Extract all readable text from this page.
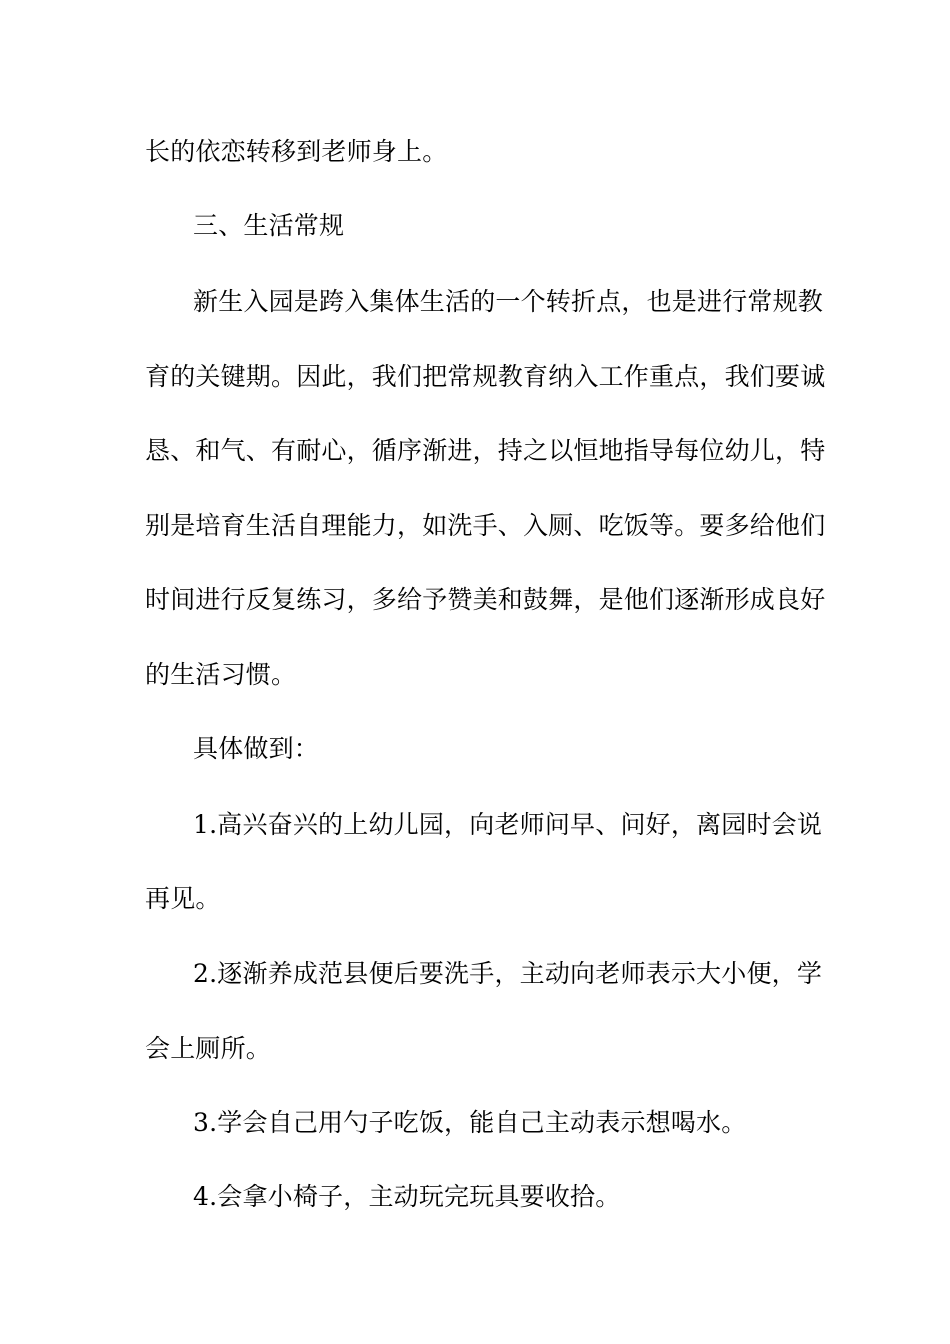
长的依恋转移到老师身上。
三、生活常规
新生入园是跨入集体生活的一个转折点，也是进行常规教
育的关键期。因此，我们把常规教育纳入工作重点，我们要诚
恳、和气、有耐心，循序渐进，持之以恒地指导每位幼儿，特
别是培育生活自理能力，如洗手、入厕、吃饭等。要多给他们
时间进行反复练习，多给予赞美和鼓舞，是他们逐渐形成良好
的生活习惯。
具体做到：
1.高兴奋兴的上幼儿园，向老师问早、问好，离园时会说
再见。
2.逐渐养成范县便后要洗手，主动向老师表示大小便，学
会上厕所。
3.学会自己用勺子吃饭，能自己主动表示想喝水。
4.会拿小椅子，主动玩完玩具要收拾。
